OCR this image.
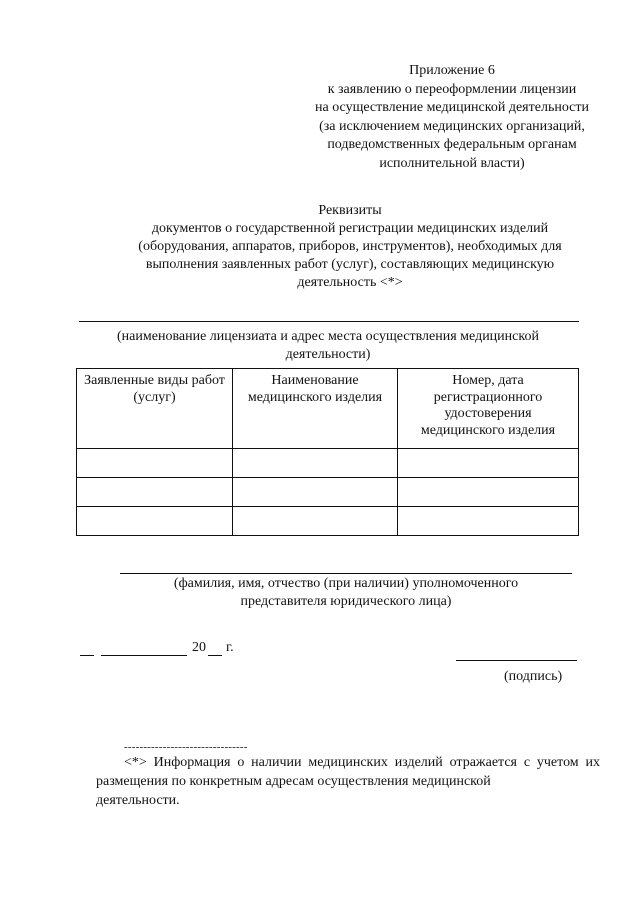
Приложение 6
к заявлению о переоформлении лицензии
на осуществление медицинской деятельности
(за исключением медицинских организаций,
подведомственных федеральным органам
исполнительной власти)
Реквизиты
документов о государственной регистрации медицинских изделий
(оборудования, аппаратов, приборов, инструментов), необходимых для
выполнения заявленных работ (услуг), составляющих медицинскую
деятельность <*>
(наименование лицензиата и адрес места осуществления медицинской
деятельности)
Заявленные виды работ (услуг)	Наименование медицинского изделия	Номер, дата регистрационного удостоверения медицинского изделия

(фамилия, имя, отчество (при наличии) уполномоченного
представителя юридического лица)
20 г.
(подпись)
--------------------------------
<*> Информация о наличии медицинских изделий отражается с учетом их размещения по конкретным адресам осуществления медицинской
деятельности.
